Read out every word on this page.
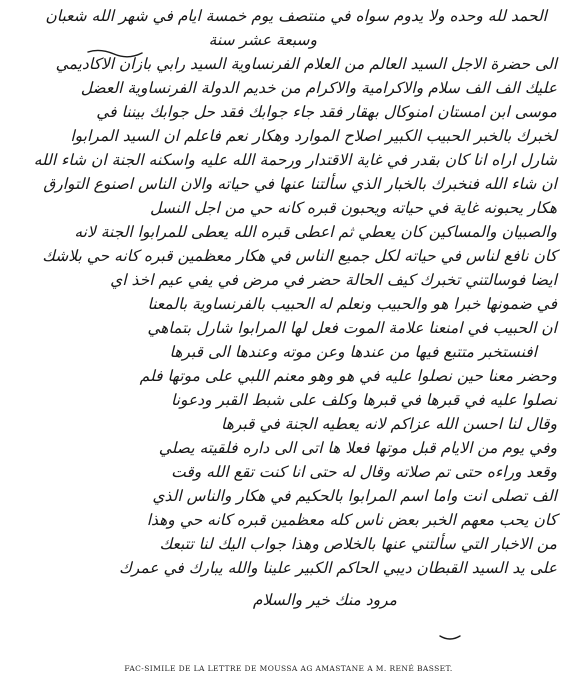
الحمد لله وحده ولا يدوم سواه في منتصف يوم خمسة ايام في شهر الله شعبان
وسبعة عشر سنة
الى حضرة الاجل السيد العالم من العلام الفرنساوية السيد رابي بازان الاكاديمي
عليك الف الف سلام والاكرامية والاكرام من خديم الدولة الفرنساوية العضل
موسى ابن امستان امنوكال بهقار فقد جاء جوابك فقد حل جوابك بيننا في
لخبرك بالخبر الحبيب الكبير اصلاح الموارد وهكار نعم فاعلم ان السيد المرابوا
شارل اراه انا كان بقدر في غاية الاقتدار ورحمة الله عليه واسكنه الجنة ان شاء الله
ان شاء الله فنخبرك بالخبار الذي سألتنا عنها في حياته والان الناس اصنوع التوارق
هكار يحبونه غاية في حياته ويحبون قبره كانه حي من اجل النسل
والصبيان والمساكين كان يعطي ثم اعطى قبره الله يعطى للمرابوا الجنة لانه
كان نافع لناس في حياته لكل جميع الناس في هكار معظمين قبره كانه حي بلاشك
ايضا فوسالتني تخبرك كيف الحالة حضر في مرض في يفي عيم اخذ اي
في ضمونها خبرا هو والحبيب ونعلم له الحبيب بالفرنساوية بالمعنا
ان الحبيب في امنعنا علامة الموت فعل لها المرابوا شارل بتماهي
افنستخبر متتبع فيها من عندها وعن موته وعندها الى قبرها
وحضر معنا حين نصلوا عليه في هو وهو معنم اللبي على موتها فلم
نصلوا عليه في قبرها في قبرها وكلف على شبط القبر ودعونا
وقال لنا احسن الله عزاكم لانه يعطيه الجنة في قبرها
وفي يوم من الايام قبل موتها فعلا ها اتى الى داره فلقيته يصلي
وقعد وراءه حتى تم صلاته وقال له حتى انا كنت تقع الله وقت
الف تصلى انت واما اسم المرابوا بالحكيم في هكار والناس الذي
كان يحب معهم الخبر بعض ناس كله معظمين قبره كانه حي وهذا
من الاخبار التي سألتني عنها بالخلاص وهذا جواب اليك لنا تتبعك
على يد السيد القبطان ديبي الحاكم الكبير علينا والله يبارك في عمرك
مرود منك خير والسلام
FAC-SIMILE DE LA LETTRE DE MOUSSA AG AMASTANE A M. RENÉ BASSET.
